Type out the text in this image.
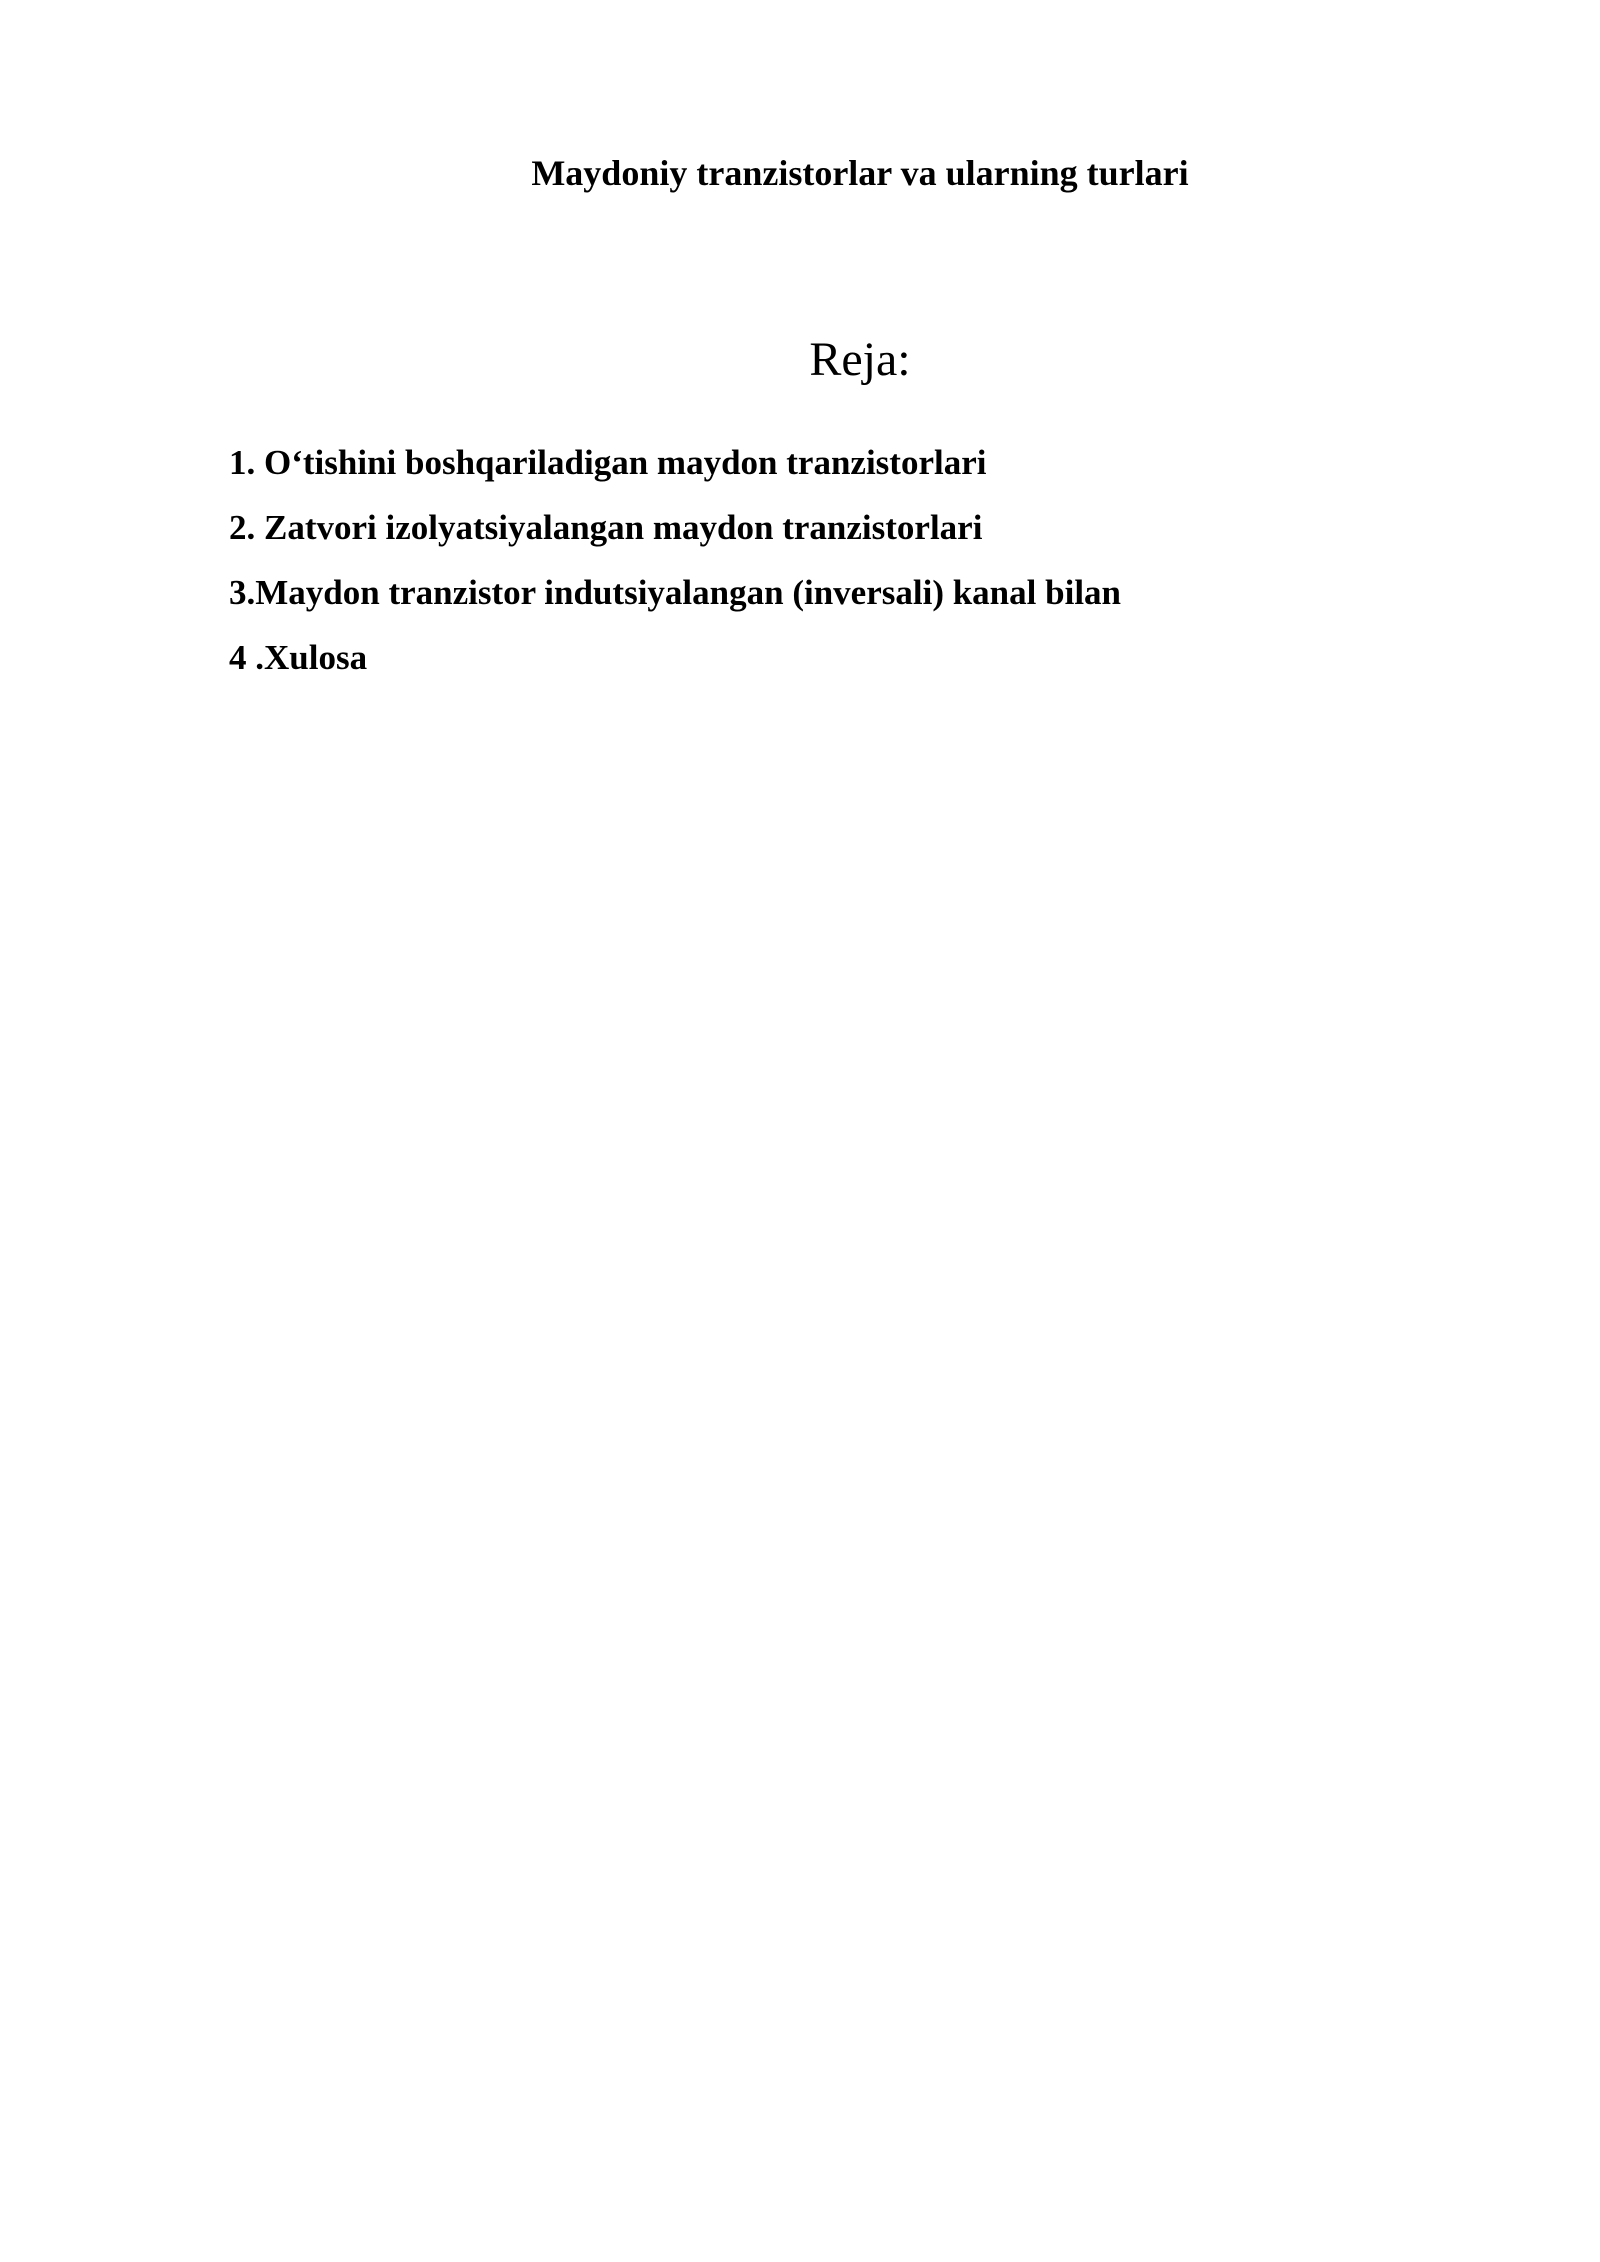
Maydoniy tranzistorlar va ularning turlari
Reja:
1. O‘tishini boshqariladigan maydon tranzistorlari
2. Zatvori izolyatsiyalangan maydon tranzistorlari
3.Maydon tranzistor indutsiyalangan (inversali) kanal bilan
4 .Xulosa
